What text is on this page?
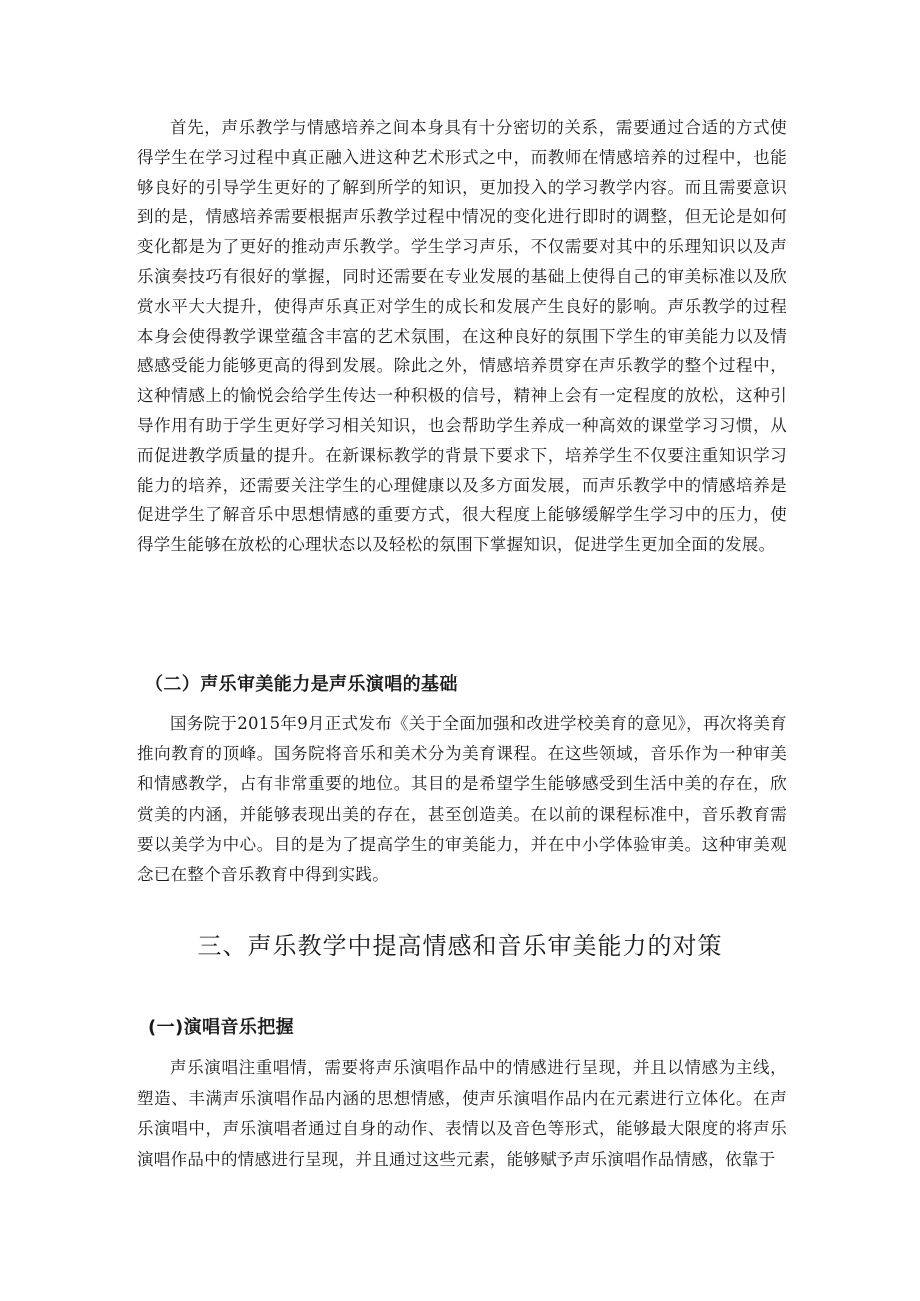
首先，声乐教学与情感培养之间本身具有十分密切的关系，需要通过合适的方式使得学生在学习过程中真正融入进这种艺术形式之中，而教师在情感培养的过程中，也能够良好的引导学生更好的了解到所学的知识，更加投入的学习教学内容。而且需要意识到的是，情感培养需要根据声乐教学过程中情况的变化进行即时的调整，但无论是如何变化都是为了更好的推动声乐教学。学生学习声乐，不仅需要对其中的乐理知识以及声乐演奏技巧有很好的掌握，同时还需要在专业发展的基础上使得自己的审美标准以及欣赏水平大大提升，使得声乐真正对学生的成长和发展产生良好的影响。声乐教学的过程本身会使得教学课堂蕴含丰富的艺术氛围，在这种良好的氛围下学生的审美能力以及情感感受能力能够更高的得到发展。除此之外，情感培养贯穿在声乐教学的整个过程中，这种情感上的愉悦会给学生传达一种积极的信号，精神上会有一定程度的放松，这种引导作用有助于学生更好学习相关知识，也会帮助学生养成一种高效的课堂学习习惯，从而促进教学质量的提升。在新课标教学的背景下要求下，培养学生不仅要注重知识学习能力的培养，还需要关注学生的心理健康以及多方面发展，而声乐教学中的情感培养是促进学生了解音乐中思想情感的重要方式，很大程度上能够缓解学生学习中的压力，使得学生能够在放松的心理状态以及轻松的氛围下掌握知识，促进学生更加全面的发展。

（二）声乐审美能力是声乐演唱的基础

国务院于2015年9月正式发布《关于全面加强和改进学校美育的意见》，再次将美育推向教育的顶峰。国务院将音乐和美术分为美育课程。在这些领域，音乐作为一种审美和情感教学，占有非常重要的地位。其目的是希望学生能够感受到生活中美的存在，欣赏美的内涵，并能够表现出美的存在，甚至创造美。在以前的课程标准中，音乐教育需要以美学为中心。目的是为了提高学生的审美能力，并在中小学体验审美。这种审美观念已在整个音乐教育中得到实践。

三、声乐教学中提高情感和音乐审美能力的对策
(一)演唱音乐把握

声乐演唱注重唱情，需要将声乐演唱作品中的情感进行呈现，并且以情感为主线，塑造、丰满声乐演唱作品内涵的思想情感，使声乐演唱作品内在元素进行立体化。在声乐演唱中，声乐演唱者通过自身的动作、表情以及音色等形式，能够最大限度的将声乐演唱作品中的情感进行呈现，并且通过这些元素，能够赋予声乐演唱作品情感，依靠于
